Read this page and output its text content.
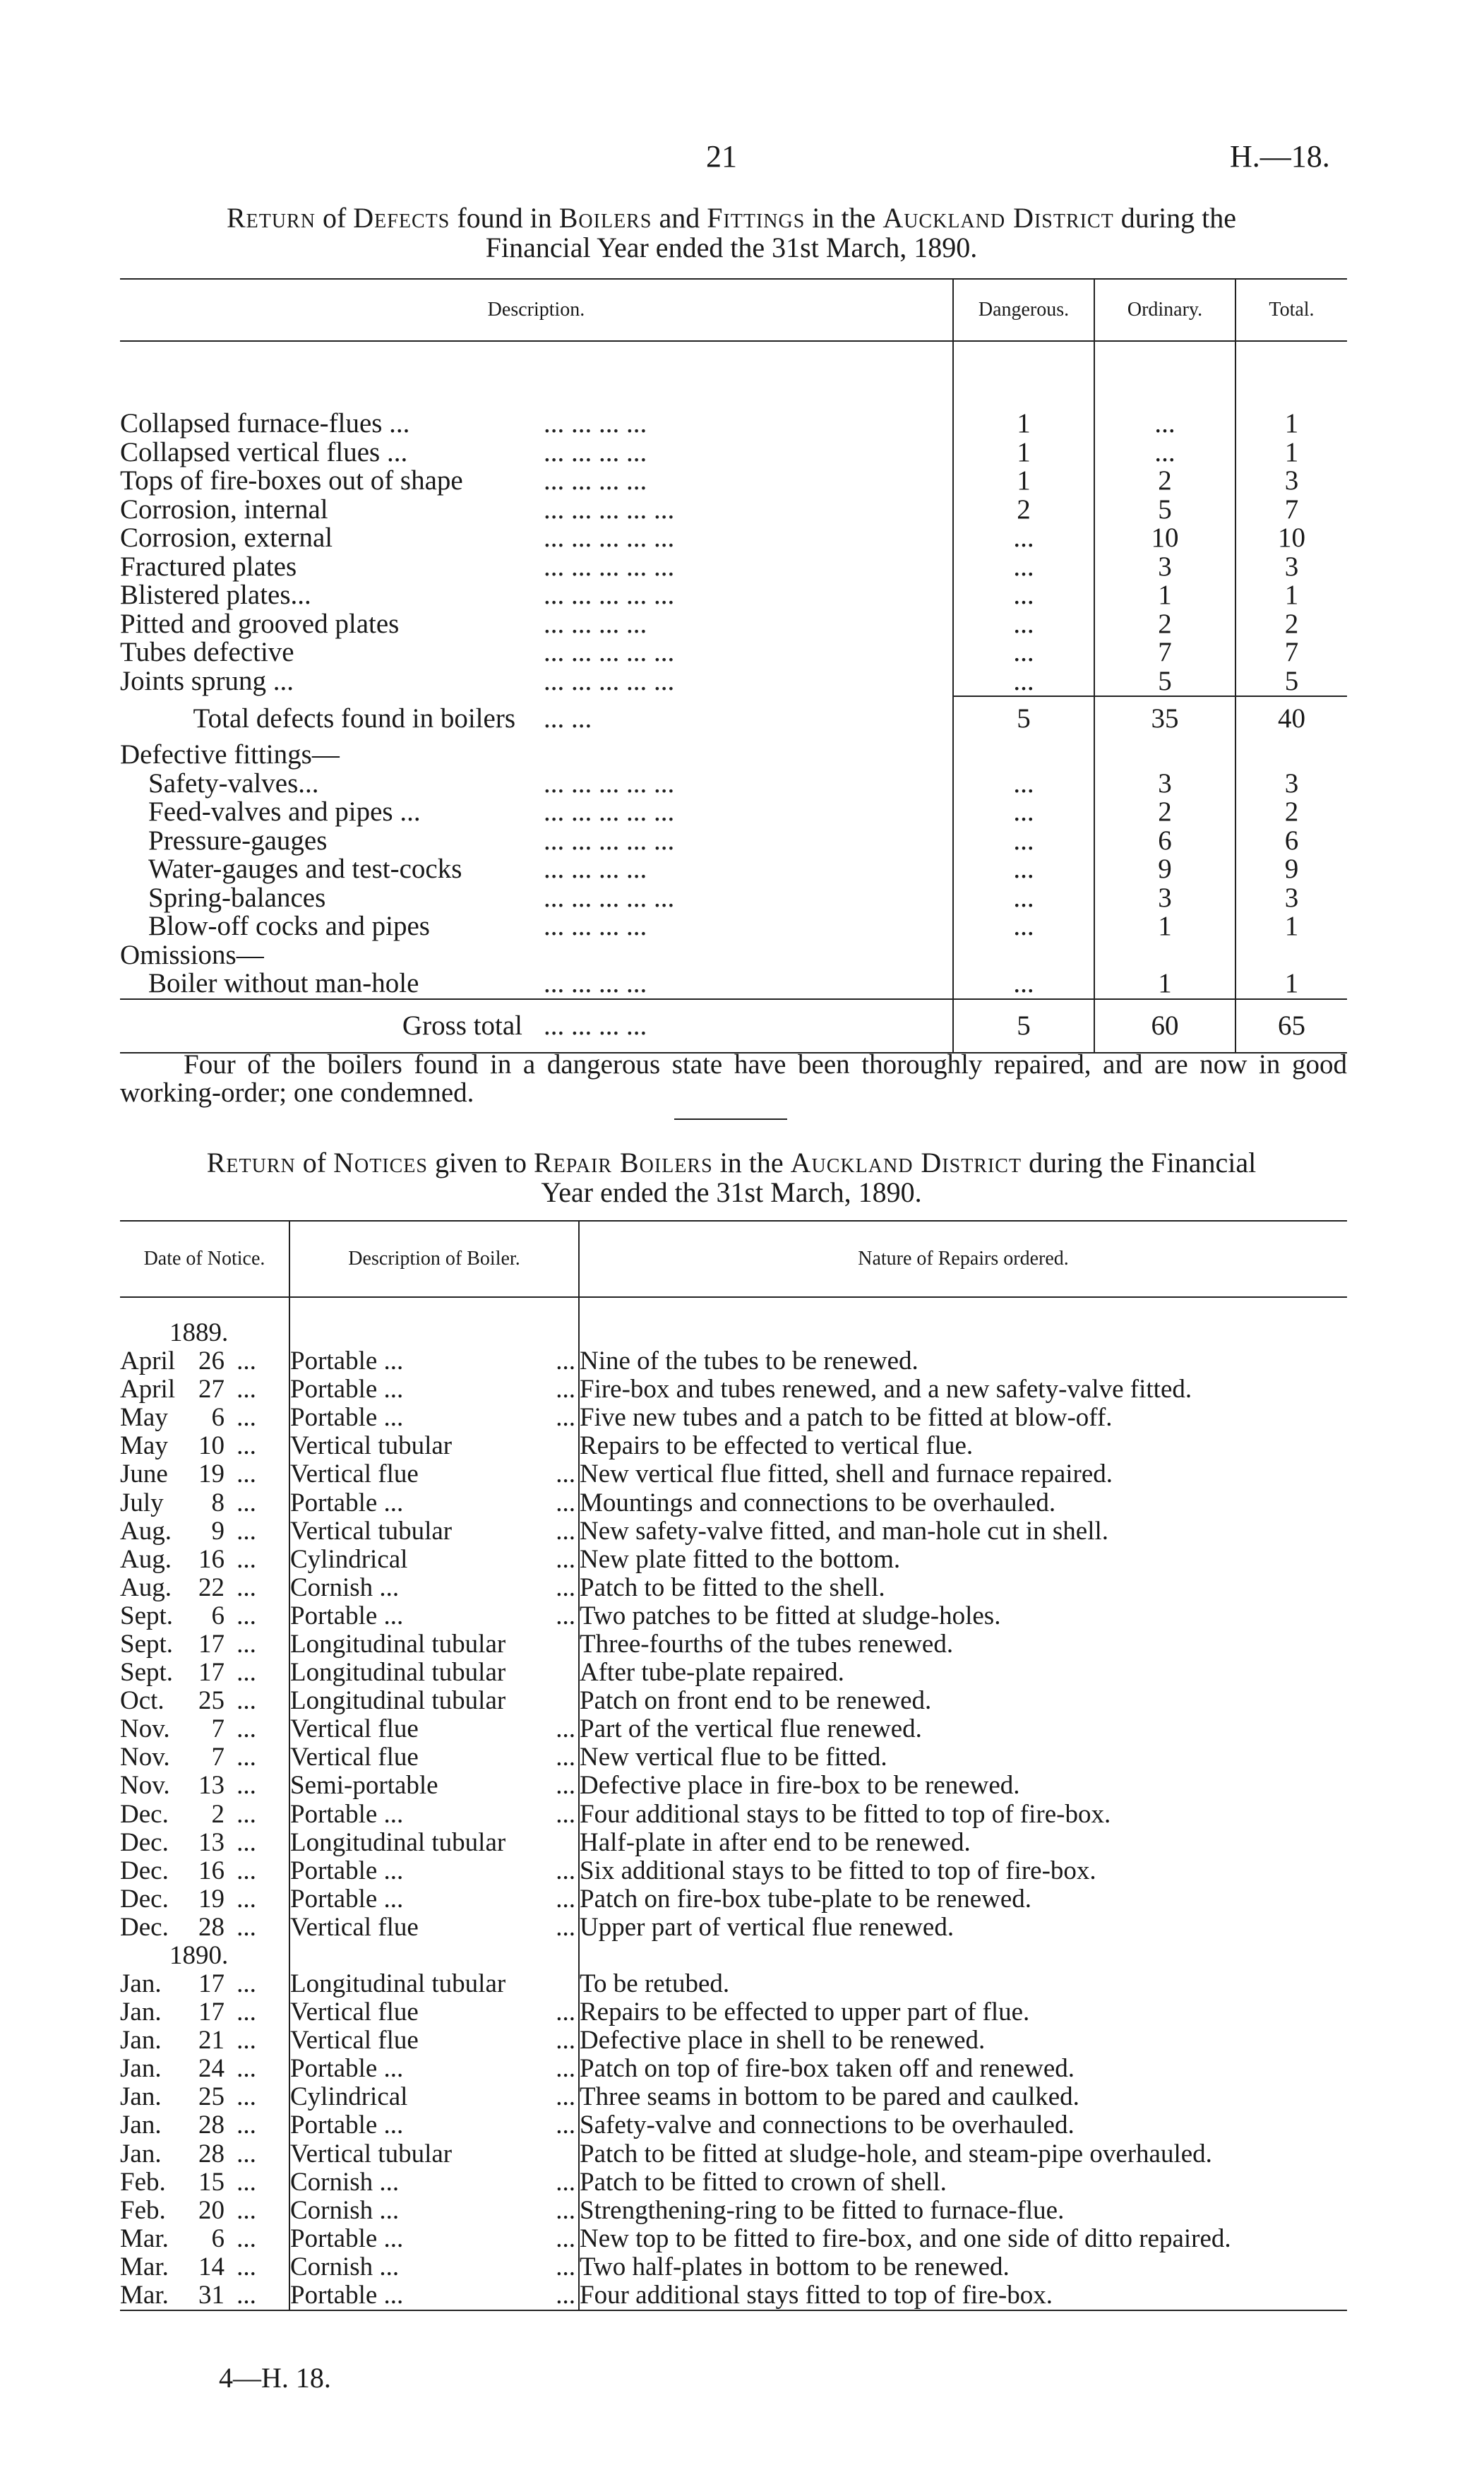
21	H.—18.
Return of Defects found in Boilers and Fittings in the Auckland District during the
Financial Year ended the 31st March, 1890.
Description.		Dangerous.	Ordinary.	Total.

Collapsed furnace-flues ...	... ... ... ...	1	...	1
Collapsed vertical flues ...	... ... ... ...	1	...	1
Tops of fire-boxes out of shape	... ... ... ...	1	2	3
Corrosion, internal	... ... ... ... ...	2	5	7
Corrosion, external	... ... ... ... ...	...	10	10
Fractured plates	... ... ... ... ...	...	3	3
Blistered plates...	... ... ... ... ...	...	1	1
Pitted and grooved plates	... ... ... ...	...	2	2
Tubes defective	... ... ... ... ...	...	7	7
Joints sprung ...	... ... ... ... ...	...	5	5
Total defects found in boilers	... ...	5	35	40
Defective fittings—				
Safety-valves...	... ... ... ... ...	...	3	3
Feed-valves and pipes ...	... ... ... ... ...	...	2	2
Pressure-gauges	... ... ... ... ...	...	6	6
Water-gauges and test-cocks	... ... ... ...	...	9	9
Spring-balances	... ... ... ... ...	...	3	3
Blow-off cocks and pipes	... ... ... ...	...	1	1
Omissions—				
Boiler without man-hole	... ... ... ...	...	1	1
Gross total	... ... ... ...	5	60	65
Four of the boilers found in a dangerous state have been thoroughly repaired, and are now in good working-order; one condemned.
Return of Notices given to Repair Boilers in the Auckland District during the Financial
Year ended the 31st March, 1890.
Date of Notice.	Description of Boiler.	Nature of Repairs ordered.

1889.		
April 26 ...	Portable ... ...	Nine of the tubes to be renewed.
April 27 ...	Portable ... ...	Fire-box and tubes renewed, and a new safety-valve fitted.
May 6 ...	Portable ... ...	Five new tubes and a patch to be fitted at blow-off.
May 10 ...	Vertical tubular	Repairs to be effected to vertical flue.
June 19 ...	Vertical flue ...	New vertical flue fitted, shell and furnace repaired.
July 8 ...	Portable ... ...	Mountings and connections to be overhauled.
Aug. 9 ...	Vertical tubular ...	New safety-valve fitted, and man-hole cut in shell.
Aug. 16 ...	Cylindrical ...	New plate fitted to the bottom.
Aug. 22 ...	Cornish ... ...	Patch to be fitted to the shell.
Sept. 6 ...	Portable ... ...	Two patches to be fitted at sludge-holes.
Sept. 17 ...	Longitudinal tubular	Three-fourths of the tubes renewed.
Sept. 17 ...	Longitudinal tubular	After tube-plate repaired.
Oct. 25 ...	Longitudinal tubular	Patch on front end to be renewed.
Nov. 7 ...	Vertical flue ...	Part of the vertical flue renewed.
Nov. 7 ...	Vertical flue ...	New vertical flue to be fitted.
Nov. 13 ...	Semi-portable ...	Defective place in fire-box to be renewed.
Dec. 2 ...	Portable ... ...	Four additional stays to be fitted to top of fire-box.
Dec. 13 ...	Longitudinal tubular	Half-plate in after end to be renewed.
Dec. 16 ...	Portable ... ...	Six additional stays to be fitted to top of fire-box.
Dec. 19 ...	Portable ... ...	Patch on fire-box tube-plate to be renewed.
Dec. 28 ...	Vertical flue ...	Upper part of vertical flue renewed.
1890.		
Jan. 17 ...	Longitudinal tubular	To be retubed.
Jan. 17 ...	Vertical flue ...	Repairs to be effected to upper part of flue.
Jan. 21 ...	Vertical flue ...	Defective place in shell to be renewed.
Jan. 24 ...	Portable ... ...	Patch on top of fire-box taken off and renewed.
Jan. 25 ...	Cylindrical ...	Three seams in bottom to be pared and caulked.
Jan. 28 ...	Portable ... ...	Safety-valve and connections to be overhauled.
Jan. 28 ...	Vertical tubular	Patch to be fitted at sludge-hole, and steam-pipe overhauled.
Feb. 15 ...	Cornish ... ...	Patch to be fitted to crown of shell.
Feb. 20 ...	Cornish ... ...	Strengthening-ring to be fitted to furnace-flue.
Mar. 6 ...	Portable ... ...	New top to be fitted to fire-box, and one side of ditto repaired.
Mar. 14 ...	Cornish ... ...	Two half-plates in bottom to be renewed.
Mar. 31 ...	Portable ... ...	Four additional stays fitted to top of fire-box.
4—H. 18.
